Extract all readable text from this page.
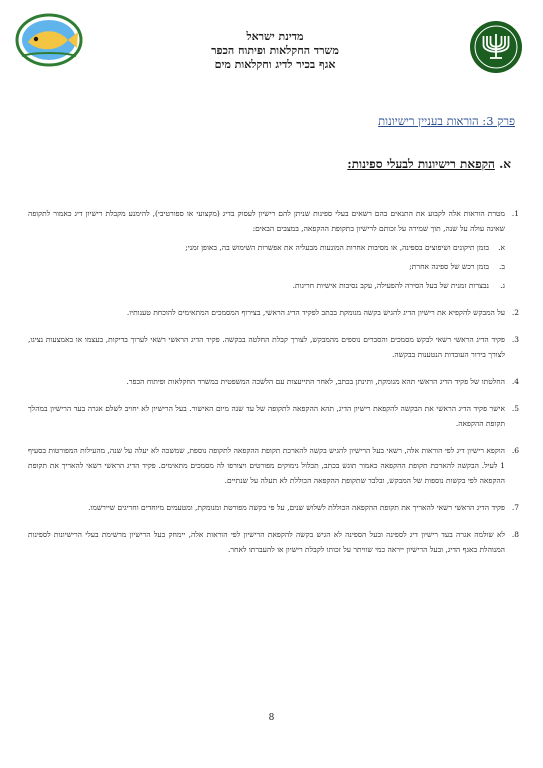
מדינת ישראל
משרד החקלאות ופיתוח הכפר
אגף בכיר לדיג וחקלאות מים
פרק 3: הוראות בעניין רישיונות
א. הקפאת רישיונות לבעלי ספינות:
1.

מטרת הוראות אלה לקבוע את התנאים בהם רשאים בעלי ספינות שניתן להם רישיון לעסוק בדיג (מקצועי או ספורטיבי), להימנע מקבלת רישיון דיג כאמור לתקופה שאינה עולה על שנה, תוך שמירה על זכותם לרישיון בתקופת ההקפאה, במצבים הבאים:

א.

בזמן תיקונים ושיפוצים בספינה, או מסיבות אחרות המונעות מבעליה את אפשרות השימוש בה, באופן זמני;

ב.

בזמן רכש של ספינה אחרת;

ג.

נבצרות זמנית של בעל הסירה להפעילה, עקב נסיבות אישיות חריגות.

2.

על המבקש להקפיא את רישיון הדיג להגיש בקשה מנומקת בכתב לפקיד הדיג הראשי, בצירוף המסמכים המתאימים להוכחת טענותיו.

3.

פקיד הדיג הראשי רשאי לבקש מסמכים והסברים נוספים מהמבקש, לצורך קבלת החלטה בבקשה. פקיד הדיג הראשי רשאי לערוך בדיקות, בעצמו או באמצעות נציגו, לצורך בירור העובדות הנטענות בבקשה.

4.

החלטתו של פקיד הדיג הראשי תהא מנומקת, ותינתן בכתב, לאחר התייעצות עם הלשכה המשפטית במשרד החקלאות ופיתוח הכפר.

5.

אישר פקיד הדיג הראשי את הבקשה להקפאת רישיון הדיג, תהא ההקפאה לתקופה של עד שנה מיום האישור. בעל הרישיון לא יחויב לשלם אגרה בעד הרישיון במהלך תקופת ההקפאה.

6.

הוקפא רישיון דיג לפי הוראות אלה, רשאי בעל הרישיון להגיש בקשה להארכת תקופת ההקפאה לתקופה נוספת, שמשכה לא יעלה על שנה, מהעילות המפורטות בסעיף 1 לעיל. הבקשה להארכת תקופת ההקפאה כאמור תוגש בכתב, תכלול נימוקים מפורטים ויצורפו לה מסמכים מתאימים. פקיד הדיג הראשי רשאי להאריך את תקופת ההקפאה לפי בקשות נוספות של המבקש, ובלבד שתקופת ההקפאה הכוללת לא תעלה על שנתיים.

7.

פקיד הדיג הראשי רשאי להאריך את תקופת ההקפאה הכוללת לשלוש שנים, על פי בקשה מפורטת ומנומקת, ומטעמים מיוחדים וחריגים שיירשמו.

8.

לא שולמה אגרה בעד רישיון דיג לספינה ובעל הספינה לא הגיש בקשה להקפאת הרישיון לפי הוראות אלה, יימחק בעל הרישיון מרשימת בעלי הרישיונות לספינות המנוהלת באגף הדיג, ובעל הרישיון ייראה כמי שוויתר על זכותו לקבלת רישיון או להעברתו לאחר.

8
